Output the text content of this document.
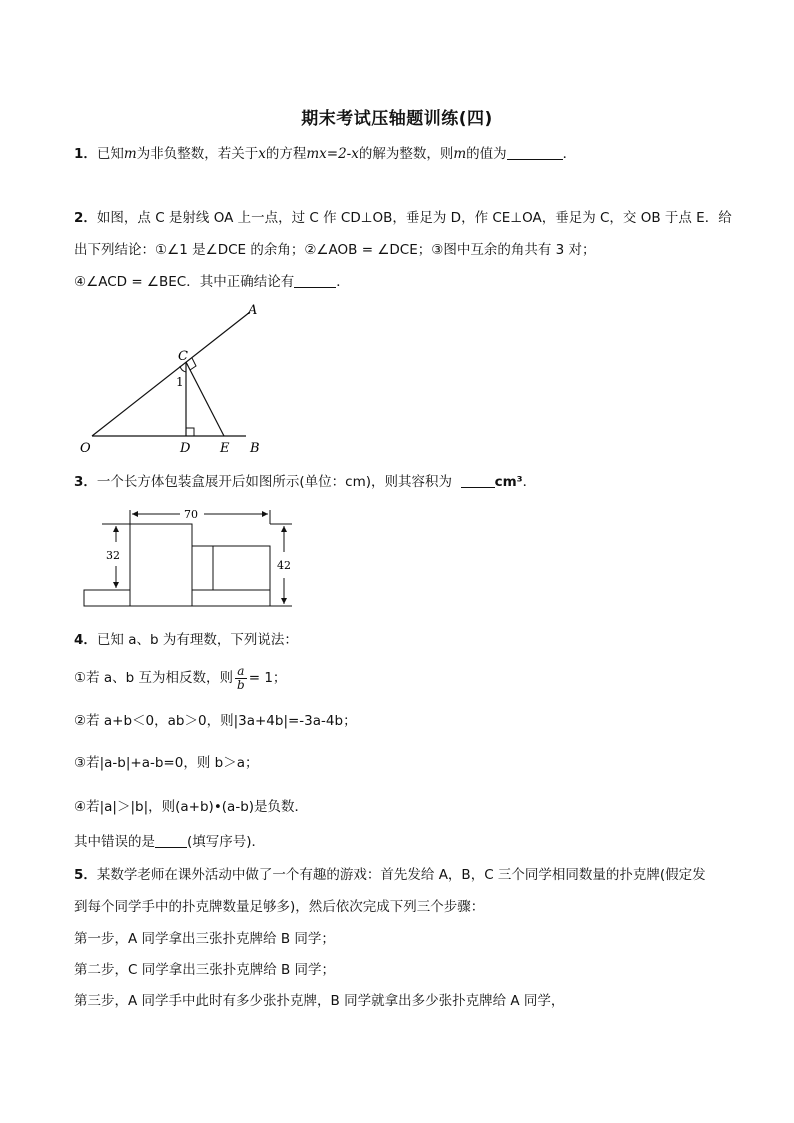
期末考试压轴题训练(四)
1．已知m为非负整数，若关于x的方程mx=2-x的解为整数，则m的值为	．
2．如图，点 C 是射线 OA 上一点，过 C 作 CD⊥OB，垂足为 D，作 CE⊥OA，垂足为 C，交 OB 于点 E．给
出下列结论：①∠1 是∠DCE 的余角；②∠AOB = ∠DCE；③图中互余的角共有 3 对；
④∠ACD = ∠BEC．其中正确结论有	．
A
C
1
O	D E B
3．一个长方体包装盒展开后如图所示(单位：cm)，则其容积为	cm³．
70
32
42
4．已知 a、b 为有理数，下列说法：
①若 a、b 互为相反数，则 $\frac{a}{b} = 1$；
②若 a+b＜0，ab＞0，则|3a+4b|=-3a-4b；
③若|a-b|+a-b=0，则 b＞a；
④若|a|＞|b|，则(a+b)•(a-b)是负数．
其中错误的是 (填写序号)．
5．某数学老师在课外活动中做了一个有趣的游戏：首先发给 A，B，C 三个同学相同数量的扑克牌(假定发
到每个同学手中的扑克牌数量足够多)，然后依次完成下列三个步骤：
第一步，A 同学拿出三张扑克牌给 B 同学；
第二步，C 同学拿出三张扑克牌给 B 同学；
第三步，A 同学手中此时有多少张扑克牌，B 同学就拿出多少张扑克牌给 A 同学，
